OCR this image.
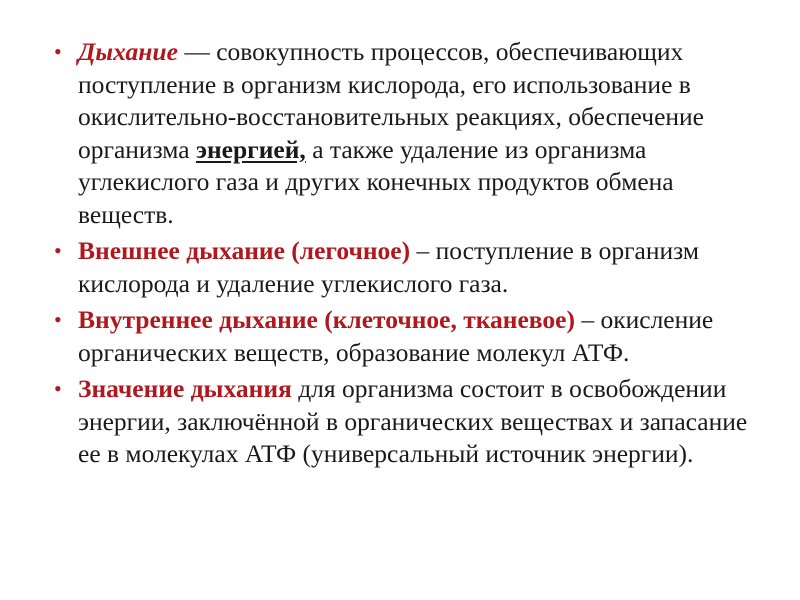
• Дыхание — совокупность процессов, обеспечивающих поступление в организм кислорода, его использование в окислительно-восстановительных реакциях, обеспечение организма энергией, а также удаление из организма углекислого газа и других конечных продуктов обмена веществ.
• Внешнее дыхание (легочное) – поступление в организм кислорода и удаление углекислого газа.
• Внутреннее дыхание (клеточное, тканевое) – окисление органических веществ, образование молекул АТФ.
• Значение дыхания для организма состоит в освобождении энергии, заключённой в органических веществах и запасание ее в молекулах АТФ (универсальный источник энергии).
